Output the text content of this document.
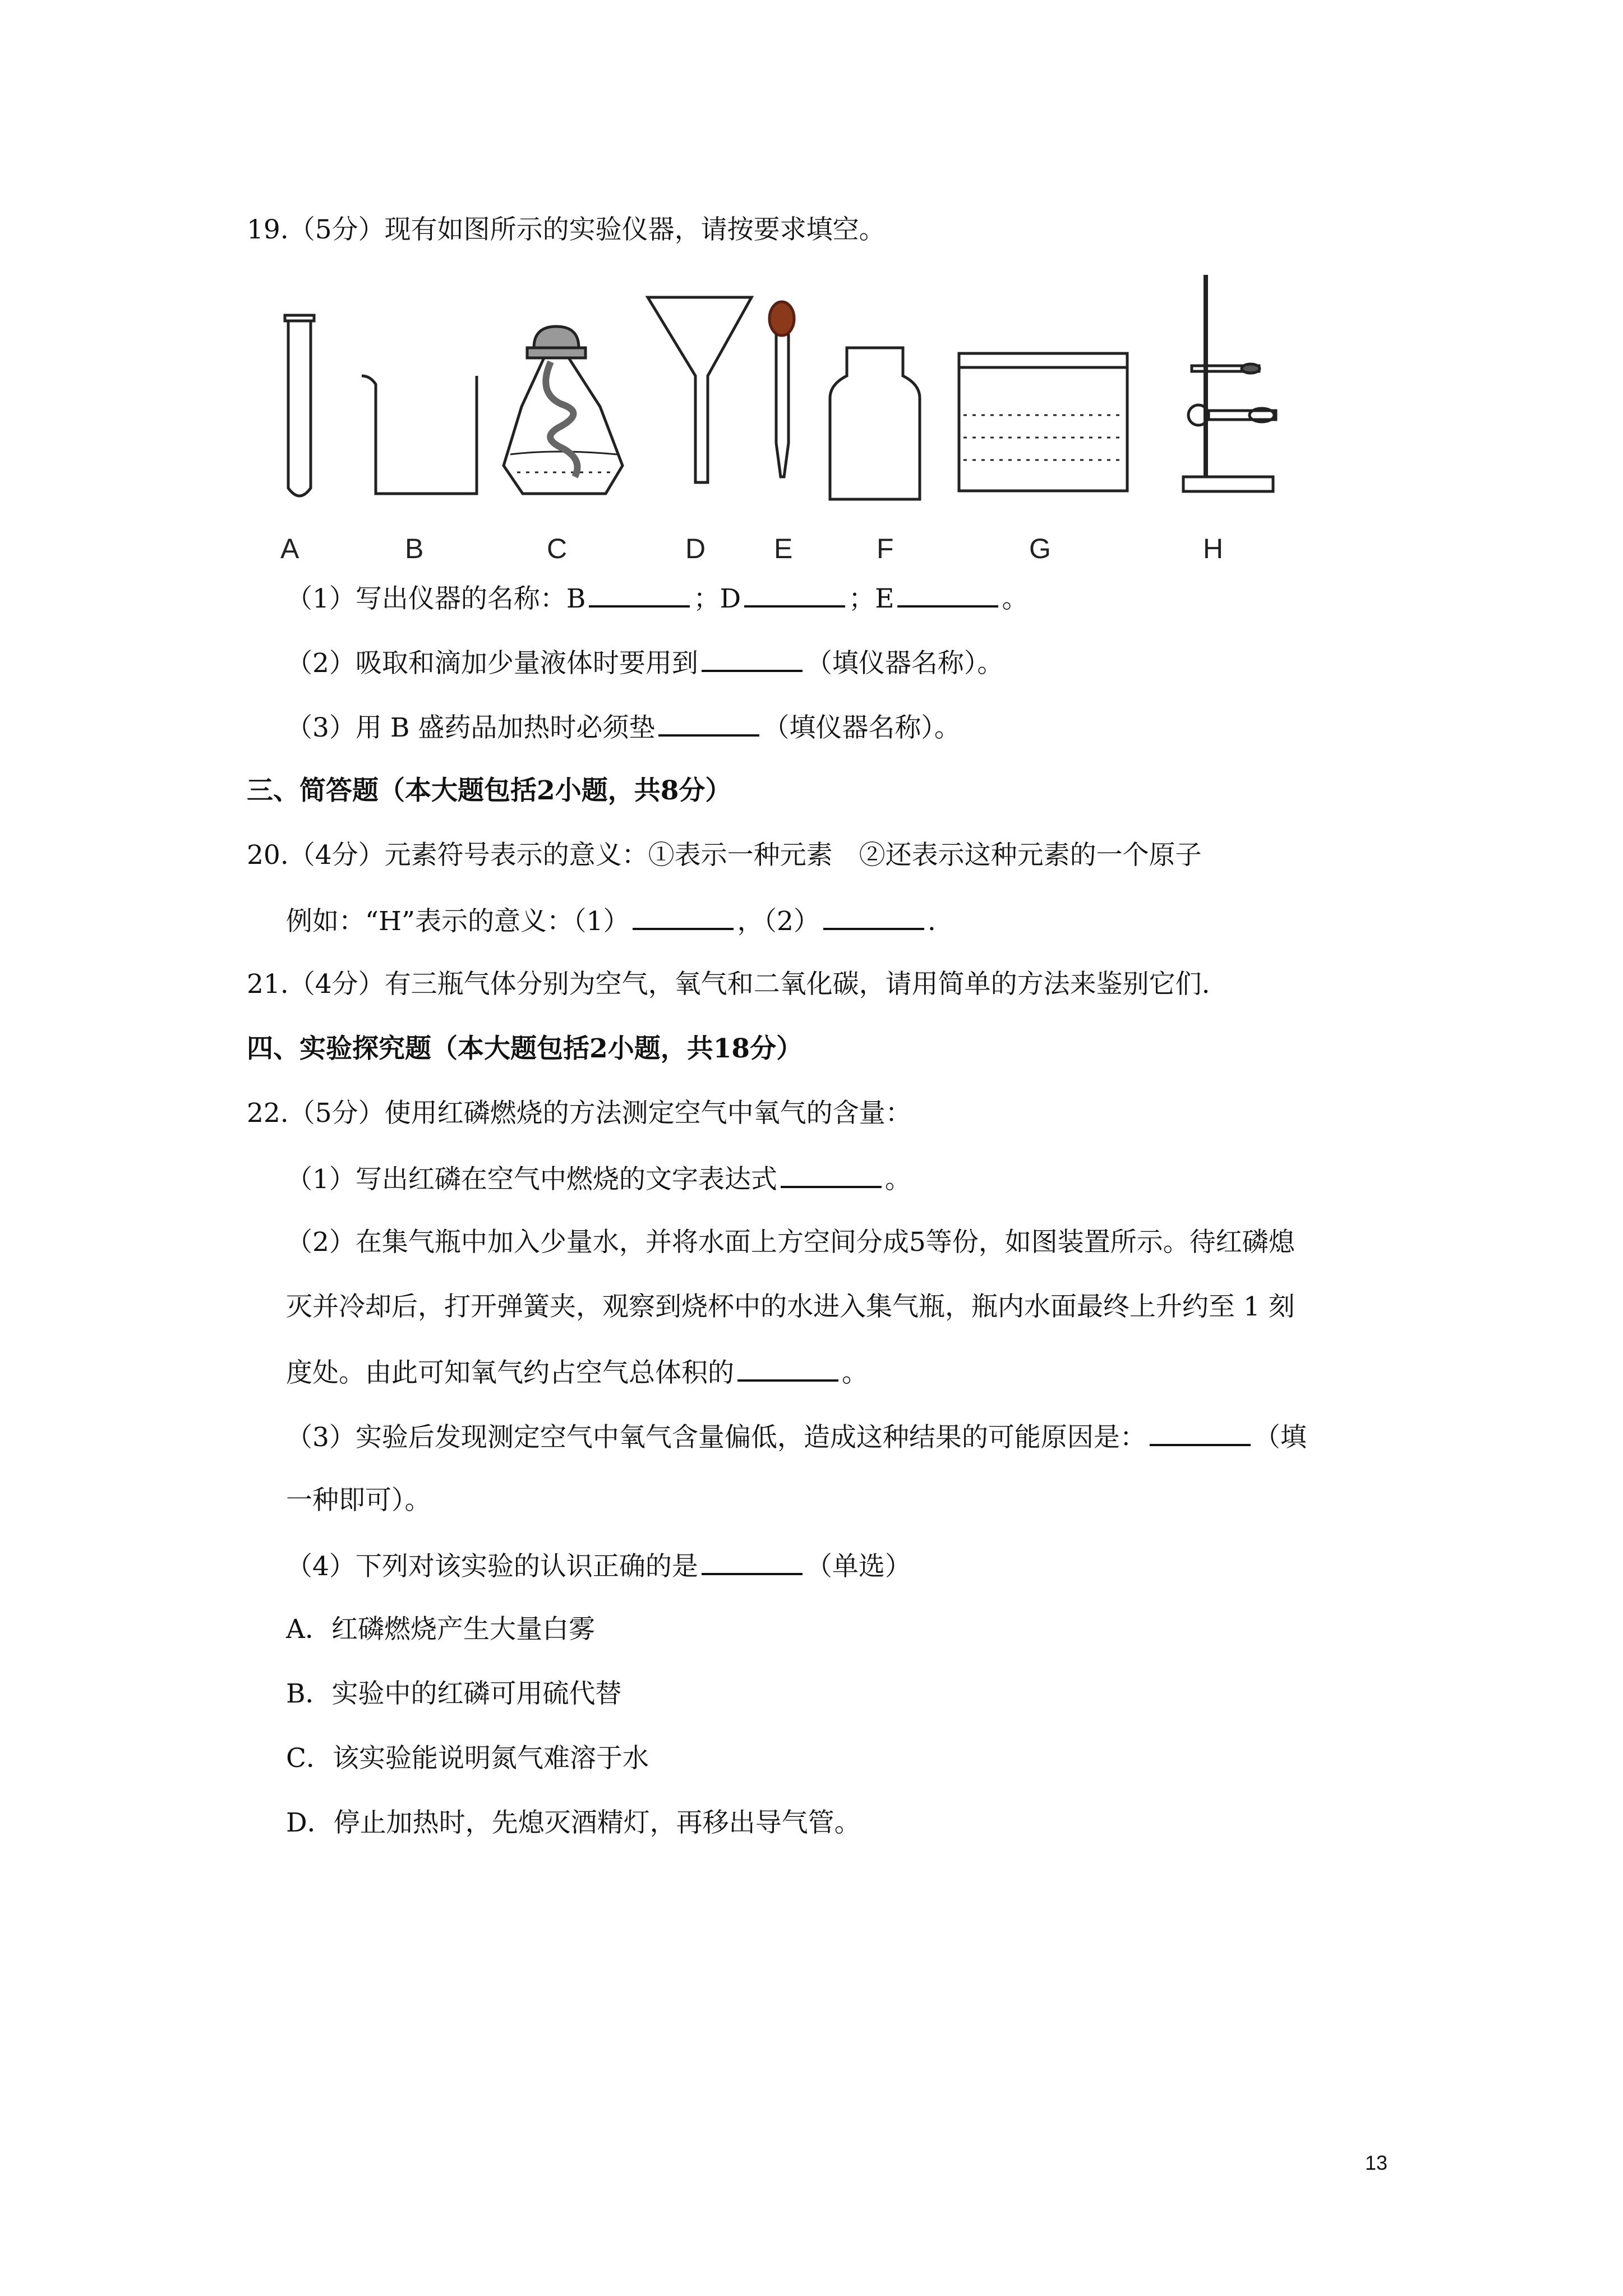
19.（5分）现有如图所示的实验仪器，请按要求填空。
A	B	C	D E	F	G	H
（1）写出仪器的名称：B	；D	；E	。
（2）吸取和滴加少量液体时要用到	（填仪器名称）。
（3）用 B 盛药品加热时必须垫	（填仪器名称）。
三、简答题（本大题包括2小题，共8分）
20.（4分）元素符号表示的意义：①表示一种元素　②还表示这种元素的一个原子
例如：“H”表示的意义：（1）	，（2）	.
21.（4分）有三瓶气体分别为空气，氧气和二氧化碳，请用简单的方法来鉴别它们.
四、实验探究题（本大题包括2小题，共18分）
22.（5分）使用红磷燃烧的方法测定空气中氧气的含量：
（1）写出红磷在空气中燃烧的文字表达式	。
（2）在集气瓶中加入少量水，并将水面上方空间分成5等份，如图装置所示。待红磷熄
灭并冷却后，打开弹簧夹，观察到烧杯中的水进入集气瓶，瓶内水面最终上升约至 1 刻
度处。由此可知氧气约占空气总体积的	。
（3）实验后发现测定空气中氧气含量偏低，造成这种结果的可能原因是：	（填
一种即可）。
（4）下列对该实验的认识正确的是	（单选）
A．红磷燃烧产生大量白雾
B．实验中的红磷可用硫代替
C．该实验能说明氮气难溶于水
D．停止加热时，先熄灭酒精灯，再移出导气管。
13
